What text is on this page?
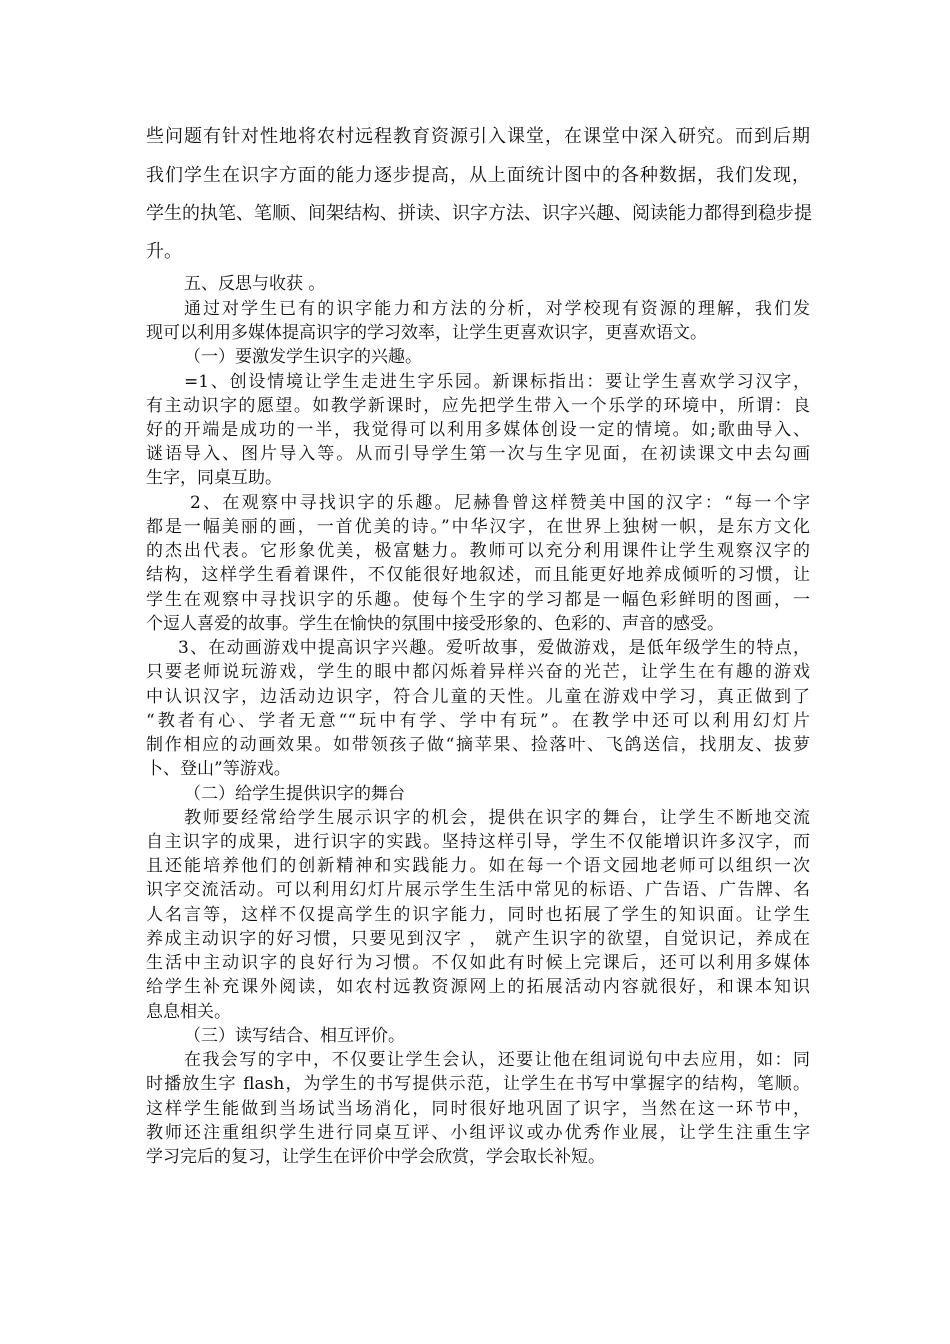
些问题有针对性地将农村远程教育资源引入课堂，在课堂中深入研究。而到后期
我们学生在识字方面的能力逐步提高，从上面统计图中的各种数据，我们发现，
学生的执笔、笔顺、间架结构、拼读、识字方法、识字兴趣、阅读能力都得到稳步提
升。
五、反思与收获 。
通过对学生已有的识字能力和方法的分析，对学校现有资源的理解，我们发
现可以利用多媒体提高识字的学习效率，让学生更喜欢识字，更喜欢语文。
（一）要激发学生识字的兴趣。
=1、创设情境让学生走进生字乐园。新课标指出：要让学生喜欢学习汉字，
有主动识字的愿望。如教学新课时，应先把学生带入一个乐学的环境中，所谓：良
好的开端是成功的一半，我觉得可以利用多媒体创设一定的情境。如;歌曲导入、
谜语导入、图片导入等。从而引导学生第一次与生字见面，在初读课文中去勾画
生字，同桌互助。
2、在观察中寻找识字的乐趣。尼赫鲁曾这样赞美中国的汉字：“每一个字
都是一幅美丽的画，一首优美的诗。”中华汉字，在世界上独树一帜，是东方文化
的杰出代表。它形象优美，极富魅力。教师可以充分利用课件让学生观察汉字的
结构，这样学生看着课件，不仅能很好地叙述，而且能更好地养成倾听的习惯，让
学生在观察中寻找识字的乐趣。使每个生字的学习都是一幅色彩鲜明的图画，一
个逗人喜爱的故事。学生在愉快的氛围中接受形象的、色彩的、声音的感受。
3、在动画游戏中提高识字兴趣。爱听故事，爱做游戏，是低年级学生的特点，
只要老师说玩游戏，学生的眼中都闪烁着异样兴奋的光芒，让学生在有趣的游戏
中认识汉字，边活动边识字，符合儿童的天性。儿童在游戏中学习，真正做到了
“教者有心、学者无意““玩中有学、学中有玩”。在教学中还可以利用幻灯片
制作相应的动画效果。如带领孩子做“摘苹果、捡落叶、飞鸽送信，找朋友、拔萝
卜、登山”等游戏。
（二）给学生提供识字的舞台
教师要经常给学生展示识字的机会，提供在识字的舞台，让学生不断地交流
自主识字的成果，进行识字的实践。坚持这样引导，学生不仅能增识许多汉字，而
且还能培养他们的创新精神和实践能力。如在每一个语文园地老师可以组织一次
识字交流活动。可以利用幻灯片展示学生生活中常见的标语、广告语、广告牌、名
人名言等，这样不仅提高学生的识字能力，同时也拓展了学生的知识面。让学生
养成主动识字的好习惯，只要见到汉字 ， 就产生识字的欲望，自觉识记，养成在
生活中主动识字的良好行为习惯。不仅如此有时候上完课后，还可以利用多媒体
给学生补充课外阅读，如农村远教资源网上的拓展活动内容就很好，和课本知识
息息相关。
（三）读写结合、相互评价。
在我会写的字中，不仅要让学生会认，还要让他在组词说句中去应用，如：同
时播放生字 flash，为学生的书写提供示范，让学生在书写中掌握字的结构，笔顺。
这样学生能做到当场试当场消化，同时很好地巩固了识字，当然在这一环节中，
教师还注重组织学生进行同桌互评、小组评议或办优秀作业展，让学生注重生字
学习完后的复习，让学生在评价中学会欣赏，学会取长补短。
